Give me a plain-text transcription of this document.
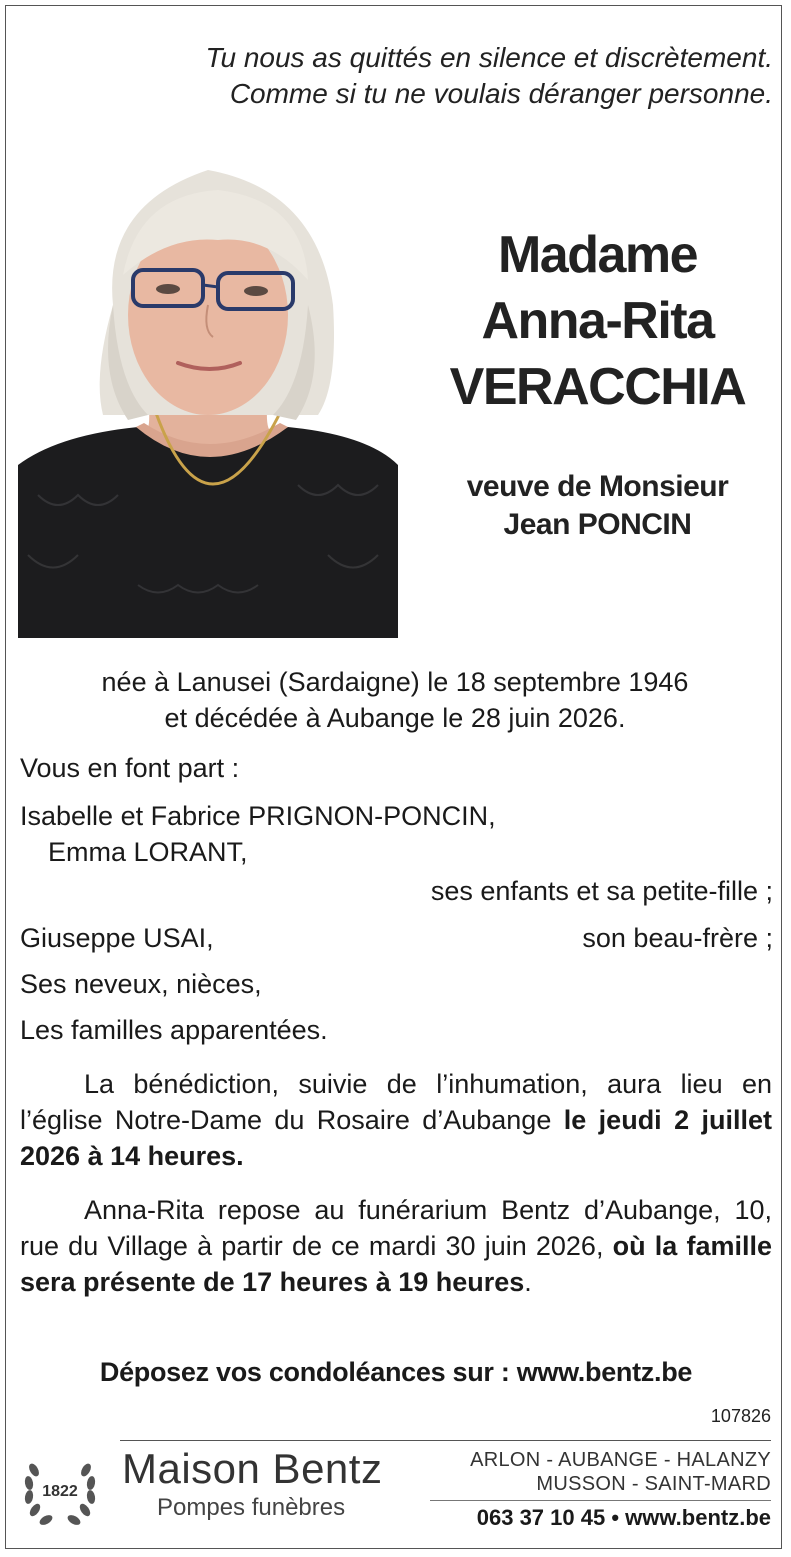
Tu nous as quittés en silence et discrètement.
Comme si tu ne voulais déranger personne.
Madame
Anna-Rita
VERACCHIA
veuve de Monsieur
Jean PONCIN
née à Lanusei (Sardaigne) le 18 septembre 1946
et décédée à Aubange le 28 juin 2026.
Vous en font part :
Isabelle et Fabrice PRIGNON-PONCIN,
Emma LORANT,
ses enfants et sa petite-fille ;
Giuseppe USAI,	son beau-frère ;
Ses neveux, nièces,
Les familles apparentées.
La bénédiction, suivie de l’inhumation, aura lieu en l’église Notre-Dame du Rosaire d’Aubange le jeudi 2 juillet 2026 à 14 heures.
Anna-Rita repose au funérarium Bentz d’Aubange, 10, rue du Village à partir de ce mardi 30 juin 2026, où la famille sera présente de 17 heures à 19 heures.
Déposez vos condoléances sur : www.bentz.be
107826
1822 Maison Bentz
Pompes funèbres
ARLON - AUBANGE - HALANZY
MUSSON - SAINT-MARD
063 37 10 45 • www.bentz.be
